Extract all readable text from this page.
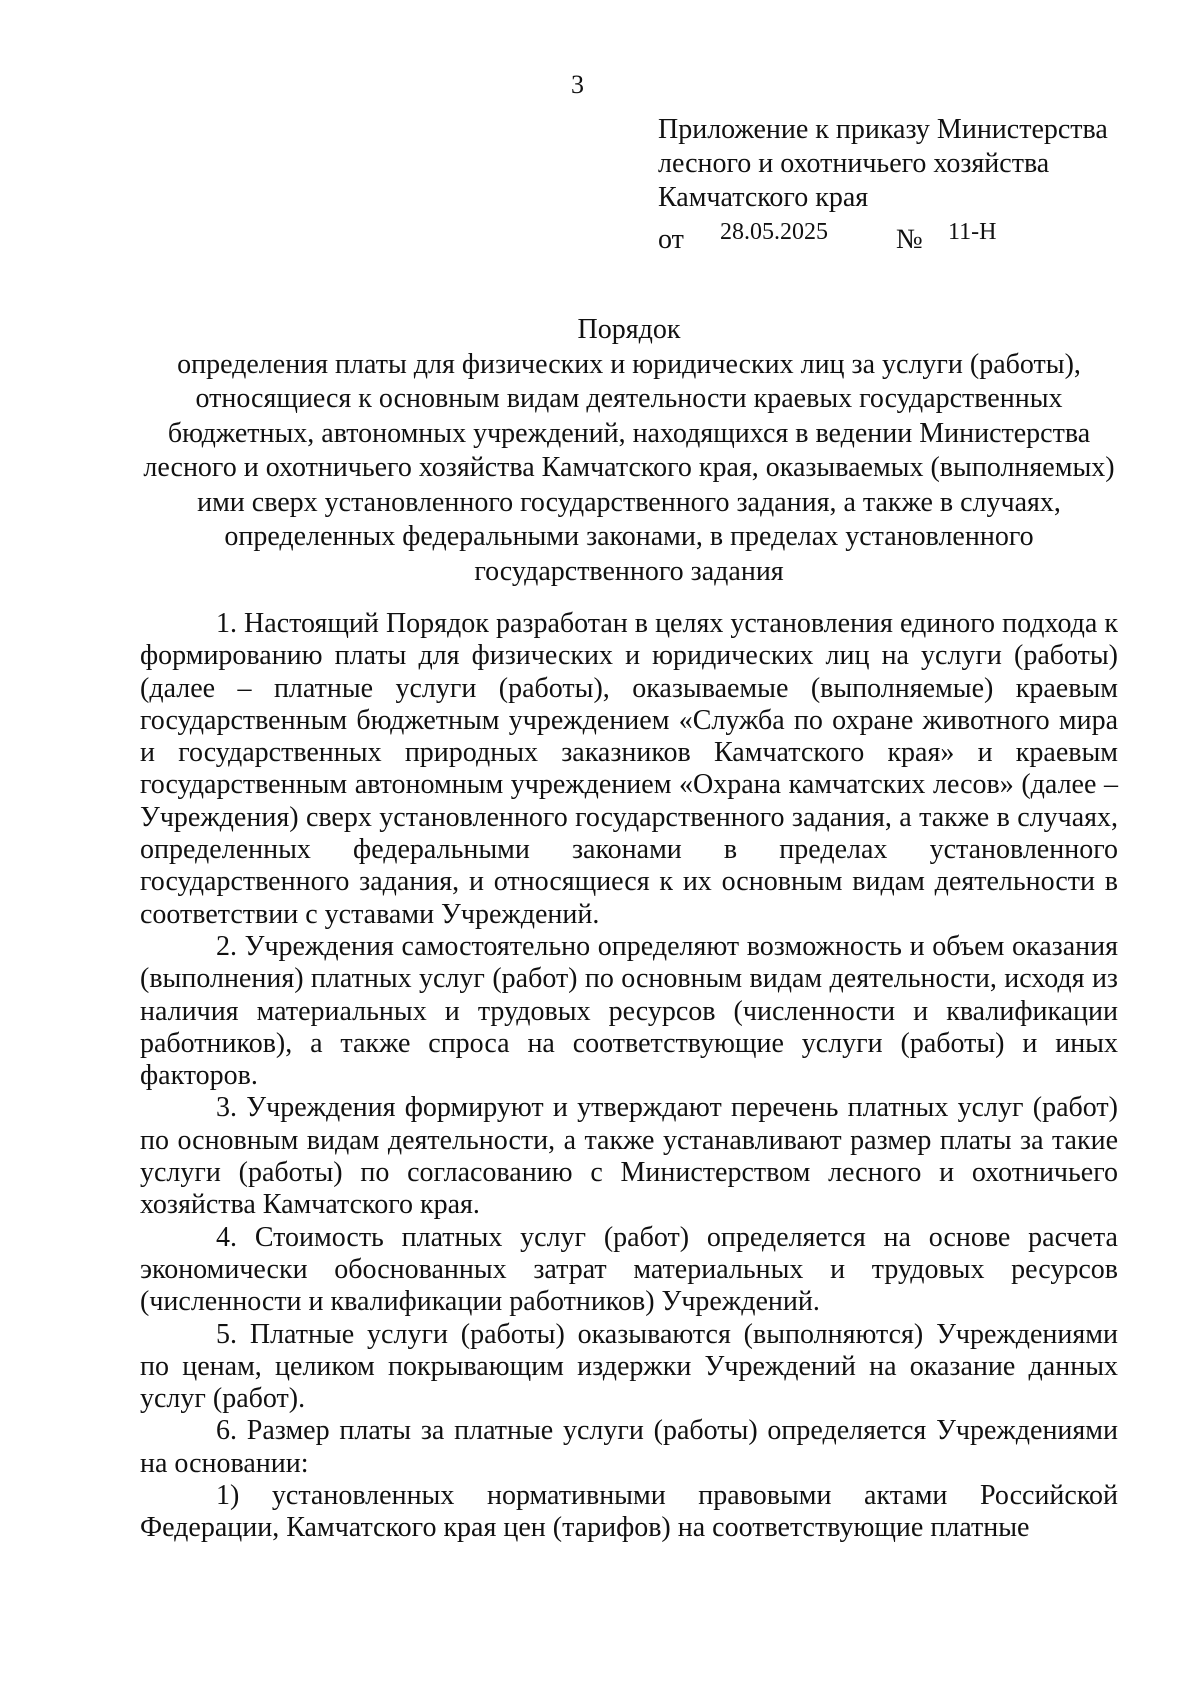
3
Приложение к приказу Министерства
лесного и охотничьего хозяйства
Камчатского края
от 28.05.2025 № 11-Н
Порядок
определения платы для физических и юридических лиц за услуги (работы), относящиеся к основным видам деятельности краевых государственных бюджетных, автономных учреждений, находящихся в ведении Министерства лесного и охотничьего хозяйства Камчатского края, оказываемых (выполняемых) ими сверх установленного государственного задания, а также в случаях, определенных федеральными законами, в пределах установленного государственного задания

1. Настоящий Порядок разработан в целях установления единого подхода к формированию платы для физических и юридических лиц на услуги (работы) (далее – платные услуги (работы), оказываемые (выполняемые) краевым государственным бюджетным учреждением «Служба по охране животного мира и государственных природных заказников Камчатского края» и краевым государственным автономным учреждением «Охрана камчатских лесов» (далее – Учреждения) сверх установленного государственного задания, а также в случаях, определенных федеральными законами в пределах установленного государственного задания, и относящиеся к их основным видам деятельности в соответствии с уставами Учреждений.

2. Учреждения самостоятельно определяют возможность и объем оказания (выполнения) платных услуг (работ) по основным видам деятельности, исходя из наличия материальных и трудовых ресурсов (численности и квалификации работников), а также спроса на соответствующие услуги (работы) и иных факторов.

3. Учреждения формируют и утверждают перечень платных услуг (работ) по основным видам деятельности, а также устанавливают размер платы за такие услуги (работы) по согласованию с Министерством лесного и охотничьего хозяйства Камчатского края.

4. Стоимость платных услуг (работ) определяется на основе расчета экономически обоснованных затрат материальных и трудовых ресурсов (численности и квалификации работников) Учреждений.

5. Платные услуги (работы) оказываются (выполняются) Учреждениями по ценам, целиком покрывающим издержки Учреждений на оказание данных услуг (работ).

6. Размер платы за платные услуги (работы) определяется Учреждениями на основании:

1) установленных нормативными правовыми актами Российской Федерации, Камчатского края цен (тарифов) на соответствующие платные
